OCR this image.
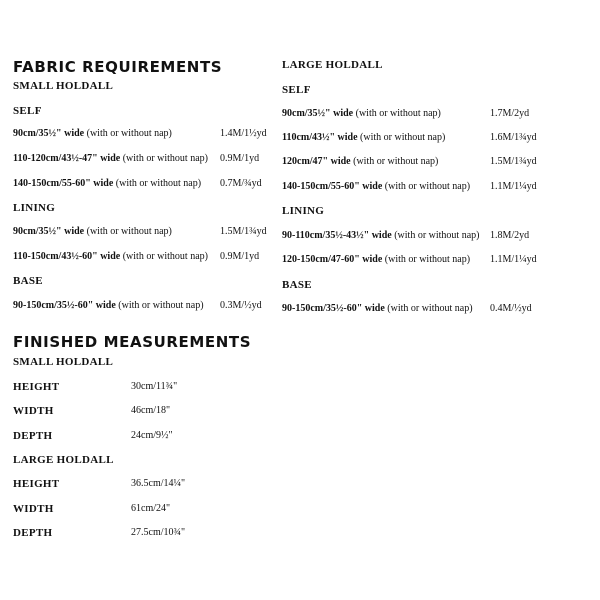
FABRIC REQUIREMENTS
SMALL HOLDALL
SELF
90cm/35½" wide (with or without nap)	1.4M/1½yd
110-120cm/43½-47" wide (with or without nap) 0.9M/1yd
140-150cm/55-60" wide (with or without nap) 0.7M/¾yd
LINING
90cm/35½" wide (with or without nap)	1.5M/1¾yd
110-150cm/43½-60" wide (with or without nap) 0.9M/1yd
BASE
90-150cm/35½-60" wide (with or without nap) 0.3M/½yd
LARGE HOLDALL
SELF
90cm/35½" wide (with or without nap)	1.7M/2yd
110cm/43½" wide (with or without nap)	1.6M/1¾yd
120cm/47" wide (with or without nap)	1.5M/1¾yd
140-150cm/55-60" wide (with or without nap) 1.1M/1¼yd
LINING
90-110cm/35½-43½" wide (with or without nap) 1.8M/2yd
120-150cm/47-60" wide (with or without nap) 1.1M/1¼yd
BASE
90-150cm/35½-60" wide (with or without nap) 0.4M/½yd
FINISHED MEASUREMENTS
SMALL HOLDALL
HEIGHT	30cm/11¾"
WIDTH	46cm/18"
DEPTH	24cm/9½"
LARGE HOLDALL
HEIGHT	36.5cm/14¼"
WIDTH	61cm/24"
DEPTH	27.5cm/10¾"
